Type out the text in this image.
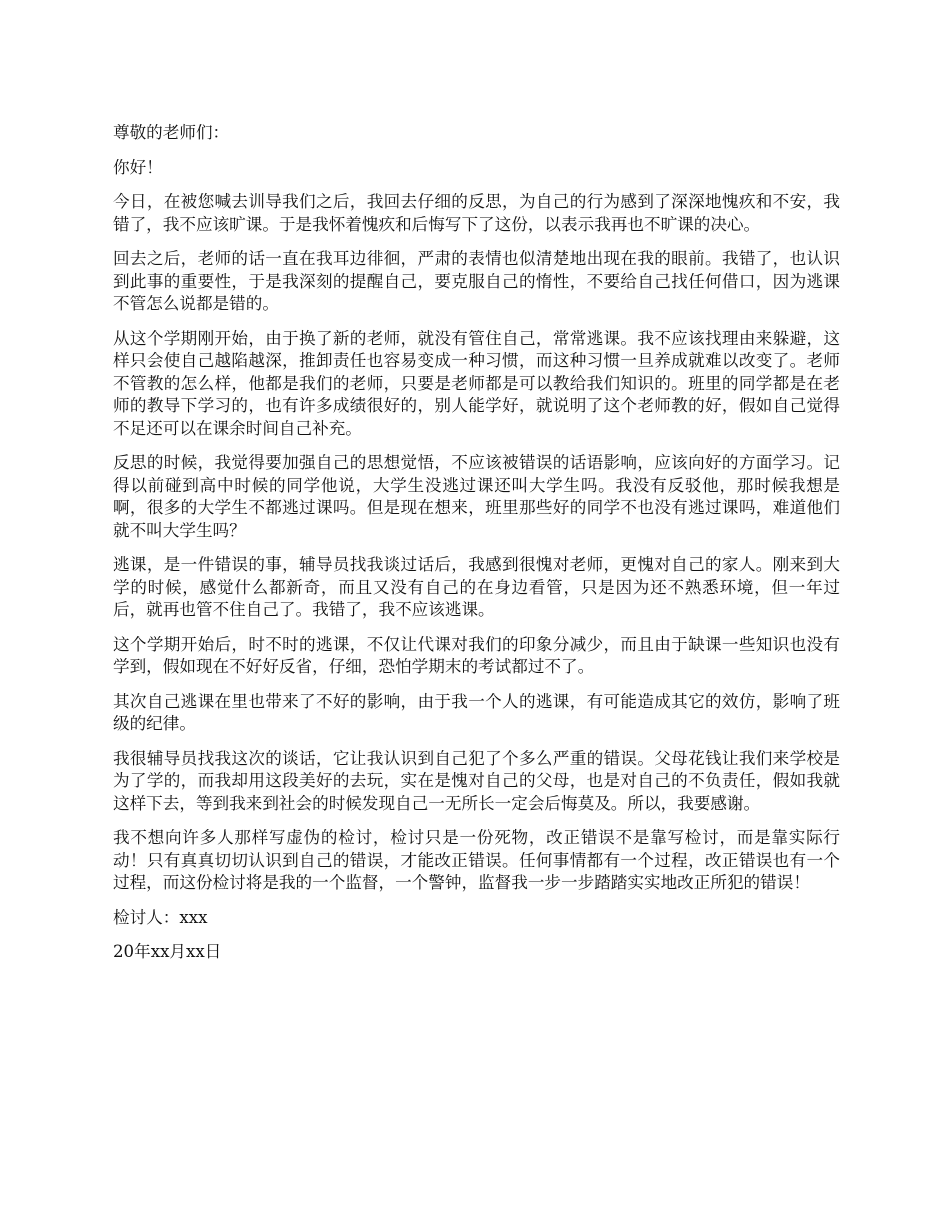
尊敬的老师们：

你好！

今日，在被您喊去训导我们之后，我回去仔细的反思，为自己的行为感到了深深地愧疚和不安，我错了，我不应该旷课。于是我怀着愧疚和后悔写下了这份，以表示我再也不旷课的决心。

回去之后，老师的话一直在我耳边徘徊，严肃的表情也似清楚地出现在我的眼前。我错了，也认识到此事的重要性，于是我深刻的提醒自己，要克服自己的惰性，不要给自己找任何借口，因为逃课不管怎么说都是错的。

从这个学期刚开始，由于换了新的老师，就没有管住自己，常常逃课。我不应该找理由来躲避，这样只会使自己越陷越深，推卸责任也容易变成一种习惯，而这种习惯一旦养成就难以改变了。老师不管教的怎么样，他都是我们的老师，只要是老师都是可以教给我们知识的。班里的同学都是在老师的教导下学习的，也有许多成绩很好的，别人能学好，就说明了这个老师教的好，假如自己觉得不足还可以在课余时间自己补充。

反思的时候，我觉得要加强自己的思想觉悟，不应该被错误的话语影响，应该向好的方面学习。记得以前碰到高中时候的同学他说，大学生没逃过课还叫大学生吗。我没有反驳他，那时候我想是啊，很多的大学生不都逃过课吗。但是现在想来，班里那些好的同学不也没有逃过课吗，难道他们就不叫大学生吗？

逃课，是一件错误的事，辅导员找我谈过话后，我感到很愧对老师，更愧对自己的家人。刚来到大学的时候，感觉什么都新奇，而且又没有自己的在身边看管，只是因为还不熟悉环境，但一年过后，就再也管不住自己了。我错了，我不应该逃课。

这个学期开始后，时不时的逃课，不仅让代课对我们的印象分减少，而且由于缺课一些知识也没有学到，假如现在不好好反省，仔细，恐怕学期末的考试都过不了。

其次自己逃课在里也带来了不好的影响，由于我一个人的逃课，有可能造成其它的效仿，影响了班级的纪律。

我很辅导员找我这次的谈话，它让我认识到自己犯了个多么严重的错误。父母花钱让我们来学校是为了学的，而我却用这段美好的去玩，实在是愧对自己的父母，也是对自己的不负责任，假如我就这样下去，等到我来到社会的时候发现自己一无所长一定会后悔莫及。所以，我要感谢。

我不想向许多人那样写虚伪的检讨，检讨只是一份死物，改正错误不是靠写检讨，而是靠实际行动！只有真真切切认识到自己的错误，才能改正错误。任何事情都有一个过程，改正错误也有一个过程，而这份检讨将是我的一个监督，一个警钟，监督我一步一步踏踏实实地改正所犯的错误！

检讨人：xxx

20年xx月xx日
